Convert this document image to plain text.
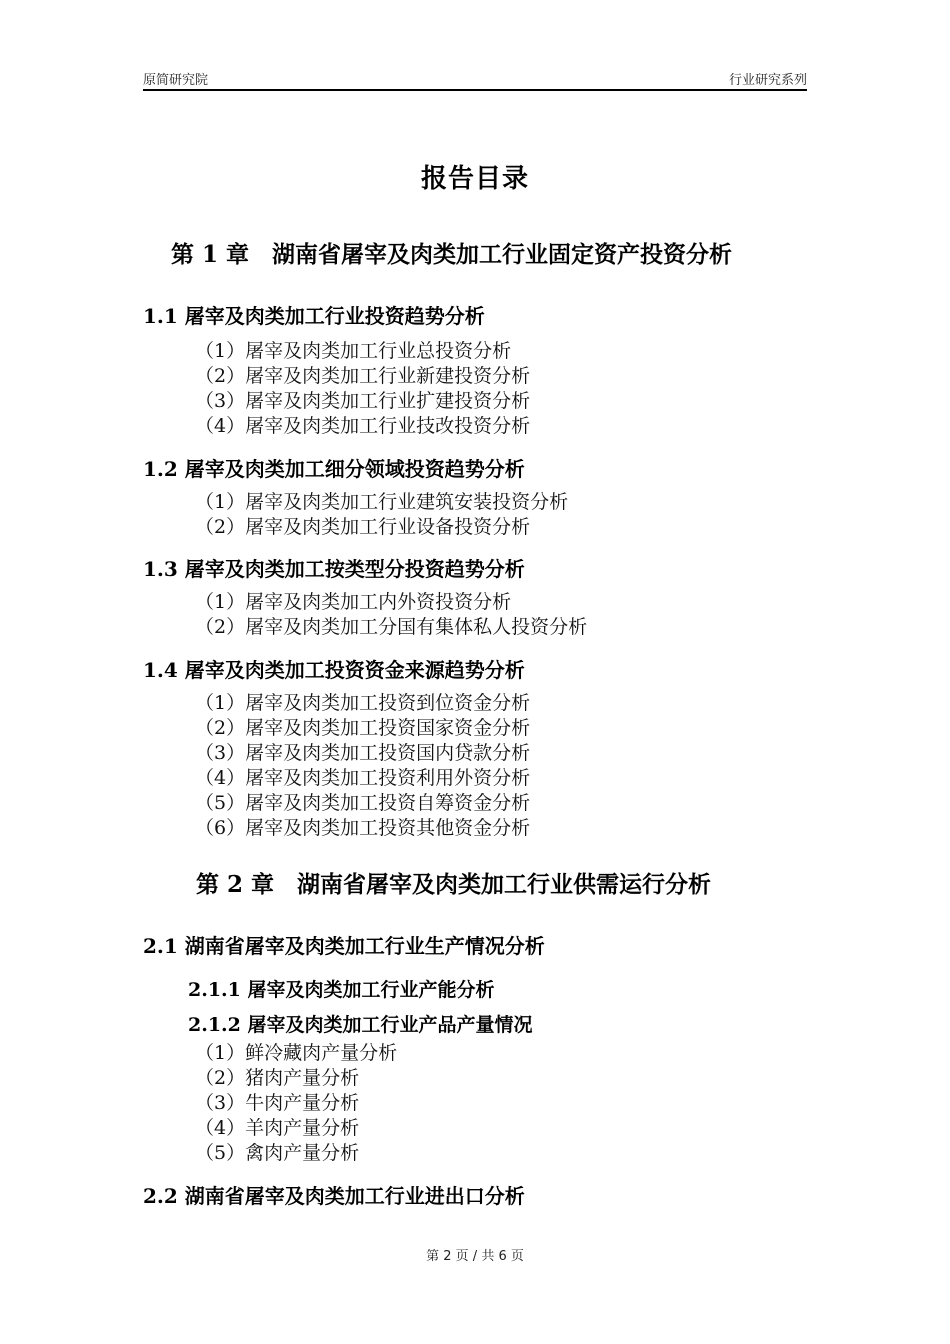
原简研究院	行业研究系列
报告目录
第 1 章　湖南省屠宰及肉类加工行业固定资产投资分析
1.1 屠宰及肉类加工行业投资趋势分析
（1）屠宰及肉类加工行业总投资分析
（2）屠宰及肉类加工行业新建投资分析
（3）屠宰及肉类加工行业扩建投资分析
（4）屠宰及肉类加工行业技改投资分析
1.2 屠宰及肉类加工细分领域投资趋势分析
（1）屠宰及肉类加工行业建筑安装投资分析
（2）屠宰及肉类加工行业设备投资分析
1.3 屠宰及肉类加工按类型分投资趋势分析
（1）屠宰及肉类加工内外资投资分析
（2）屠宰及肉类加工分国有集体私人投资分析
1.4 屠宰及肉类加工投资资金来源趋势分析
（1）屠宰及肉类加工投资到位资金分析
（2）屠宰及肉类加工投资国家资金分析
（3）屠宰及肉类加工投资国内贷款分析
（4）屠宰及肉类加工投资利用外资分析
（5）屠宰及肉类加工投资自筹资金分析
（6）屠宰及肉类加工投资其他资金分析
第 2 章　湖南省屠宰及肉类加工行业供需运行分析
2.1 湖南省屠宰及肉类加工行业生产情况分析
2.1.1 屠宰及肉类加工行业产能分析
2.1.2 屠宰及肉类加工行业产品产量情况
（1）鲜冷藏肉产量分析
（2）猪肉产量分析
（3）牛肉产量分析
（4）羊肉产量分析
（5）禽肉产量分析
2.2 湖南省屠宰及肉类加工行业进出口分析
第 2 页 / 共 6 页
